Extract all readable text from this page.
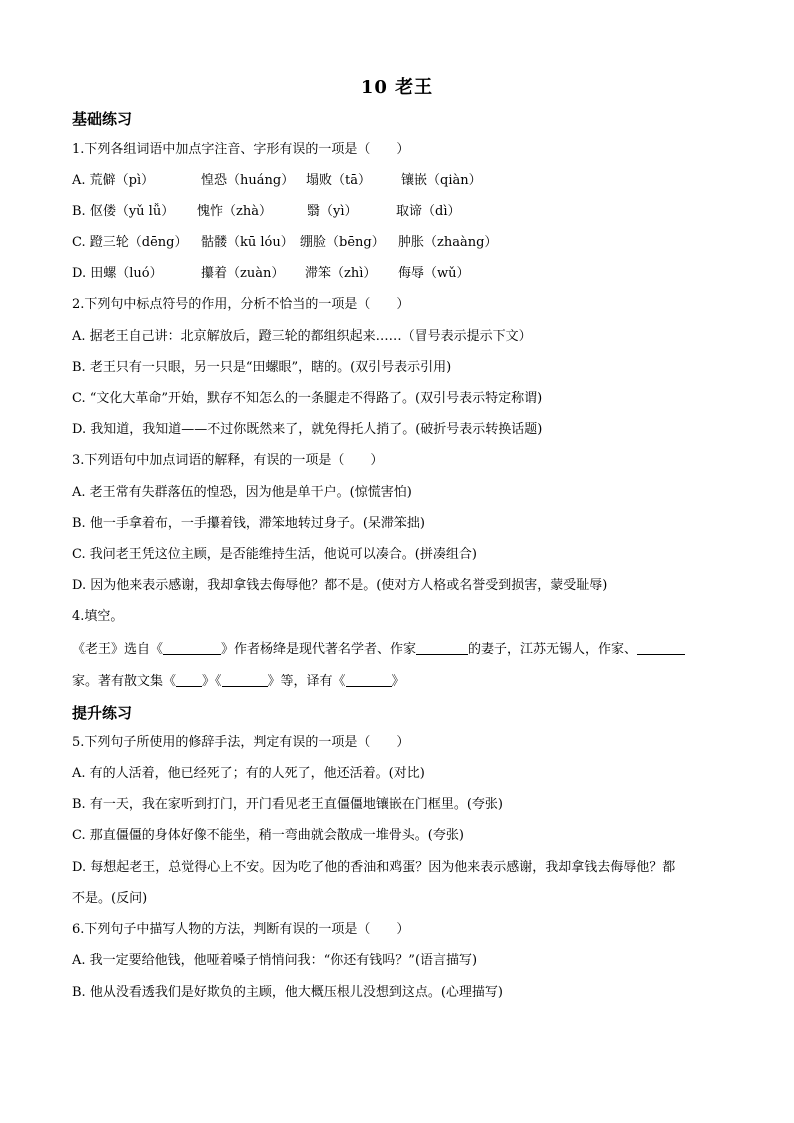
10 老王
基础练习
1.下列各组词语中加点字注音、字形有误的一项是（　　）
A. 荒僻（pì）	惶恐（huáng） 塌败（tā） 镶嵌（qiàn）
B. 伛偻（yǔ lǚ） 愧怍（zhà）	翳（yì）	取谛（dì）
C. 蹬三轮（dēng） 骷髅（kū lóu） 绷脸（bēng） 肿胀（zhaàng）
D. 田螺（luó）	攥着（zuàn） 滞笨（zhì） 侮辱（wǔ）
2.下列句中标点符号的作用，分析不恰当的一项是（　　）
A. 据老王自己讲：北京解放后，蹬三轮的都组织起来……（冒号表示提示下文）
B. 老王只有一只眼，另一只是“田螺眼”，瞎的。(双引号表示引用)
C. “文化大革命”开始，默存不知怎么的一条腿走不得路了。(双引号表示特定称谓)
D. 我知道，我知道——不过你既然来了，就免得托人捎了。(破折号表示转换话题)
3.下列语句中加点词语的解释，有误的一项是（　　）
A. 老王常有失群落伍的惶恐，因为他是单干户。(惊慌害怕)
B. 他一手拿着布，一手攥着钱，滞笨地转过身子。(呆滞笨拙)
C. 我问老王凭这位主顾，是否能维持生活，他说可以凑合。(拼凑组合)
D. 因为他来表示感谢，我却拿钱去侮辱他？都不是。(使对方人格或名誉受到损害，蒙受耻辱)
4.填空。
《老王》选自《	》作者杨绛是现代著名学者、作家	的妻子，江苏无锡人，作家、
家。著有散文集《 》《	》等，译有《	》
提升练习
5.下列句子所使用的修辞手法，判定有误的一项是（　　）
A. 有的人活着，他已经死了；有的人死了，他还活着。(对比)
B. 有一天，我在家听到打门，开门看见老王直僵僵地镶嵌在门框里。(夸张)
C. 那直僵僵的身体好像不能坐，稍一弯曲就会散成一堆骨头。(夸张)
D. 每想起老王，总觉得心上不安。因为吃了他的香油和鸡蛋？因为他来表示感谢，我却拿钱去侮辱他？都
不是。(反问)
6.下列句子中描写人物的方法，判断有误的一项是（　　）
A. 我一定要给他钱，他哑着嗓子悄悄问我：“你还有钱吗？”(语言描写)
B. 他从没看透我们是好欺负的主顾，他大概压根儿没想到这点。(心理描写)
